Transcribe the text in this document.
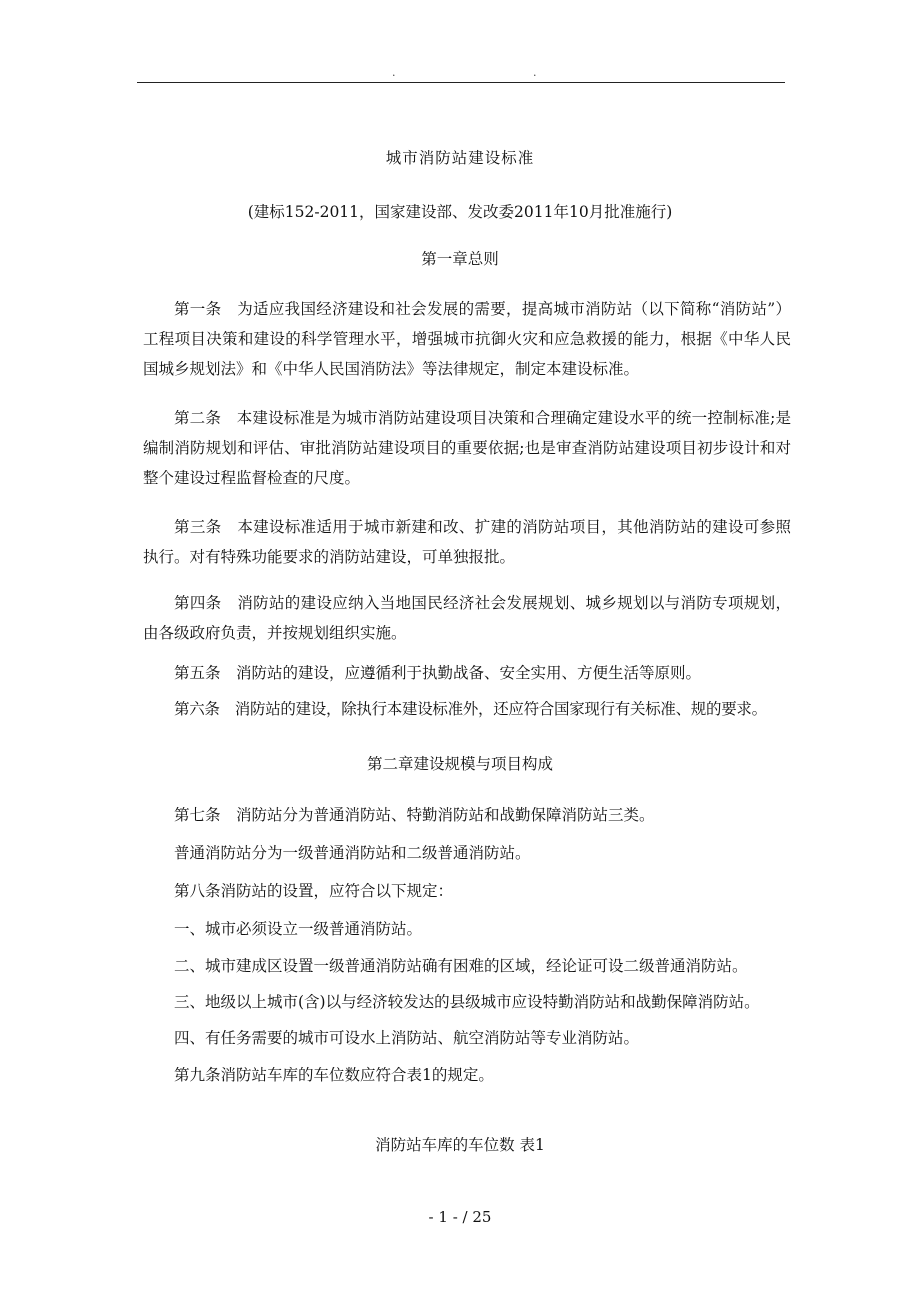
.	.
城市消防站建设标准
(建标152-2011，国家建设部、发改委2011年10月批准施行)
第一章总则
第一条　为适应我国经济建设和社会发展的需要，提高城市消防站（以下简称“消防站”）工程项目决策和建设的科学管理水平，增强城市抗御火灾和应急救援的能力，根据《中华人民国城乡规划法》和《中华人民国消防法》等法律规定，制定本建设标准。
第二条　本建设标准是为城市消防站建设项目决策和合理确定建设水平的统一控制标准;是编制消防规划和评估、审批消防站建设项目的重要依据;也是审查消防站建设项目初步设计和对整个建设过程监督检查的尺度。
第三条　本建设标准适用于城市新建和改、扩建的消防站项目，其他消防站的建设可参照执行。对有特殊功能要求的消防站建设，可单独报批。
第四条　消防站的建设应纳入当地国民经济社会发展规划、城乡规划以与消防专项规划，由各级政府负责，并按规划组织实施。
第五条　消防站的建设，应遵循利于执勤战备、安全实用、方便生活等原则。
第六条　消防站的建设，除执行本建设标准外，还应符合国家现行有关标准、规的要求。
第二章建设规模与项目构成
第七条　消防站分为普通消防站、特勤消防站和战勤保障消防站三类。
普通消防站分为一级普通消防站和二级普通消防站。
第八条消防站的设置，应符合以下规定：
一、城市必须设立一级普通消防站。
二、城市建成区设置一级普通消防站确有困难的区域，经论证可设二级普通消防站。
三、地级以上城市(含)以与经济较发达的县级城市应设特勤消防站和战勤保障消防站。
四、有任务需要的城市可设水上消防站、航空消防站等专业消防站。
第九条消防站车库的车位数应符合表1的规定。
消防站车库的车位数 表1
- 1 - / 25
